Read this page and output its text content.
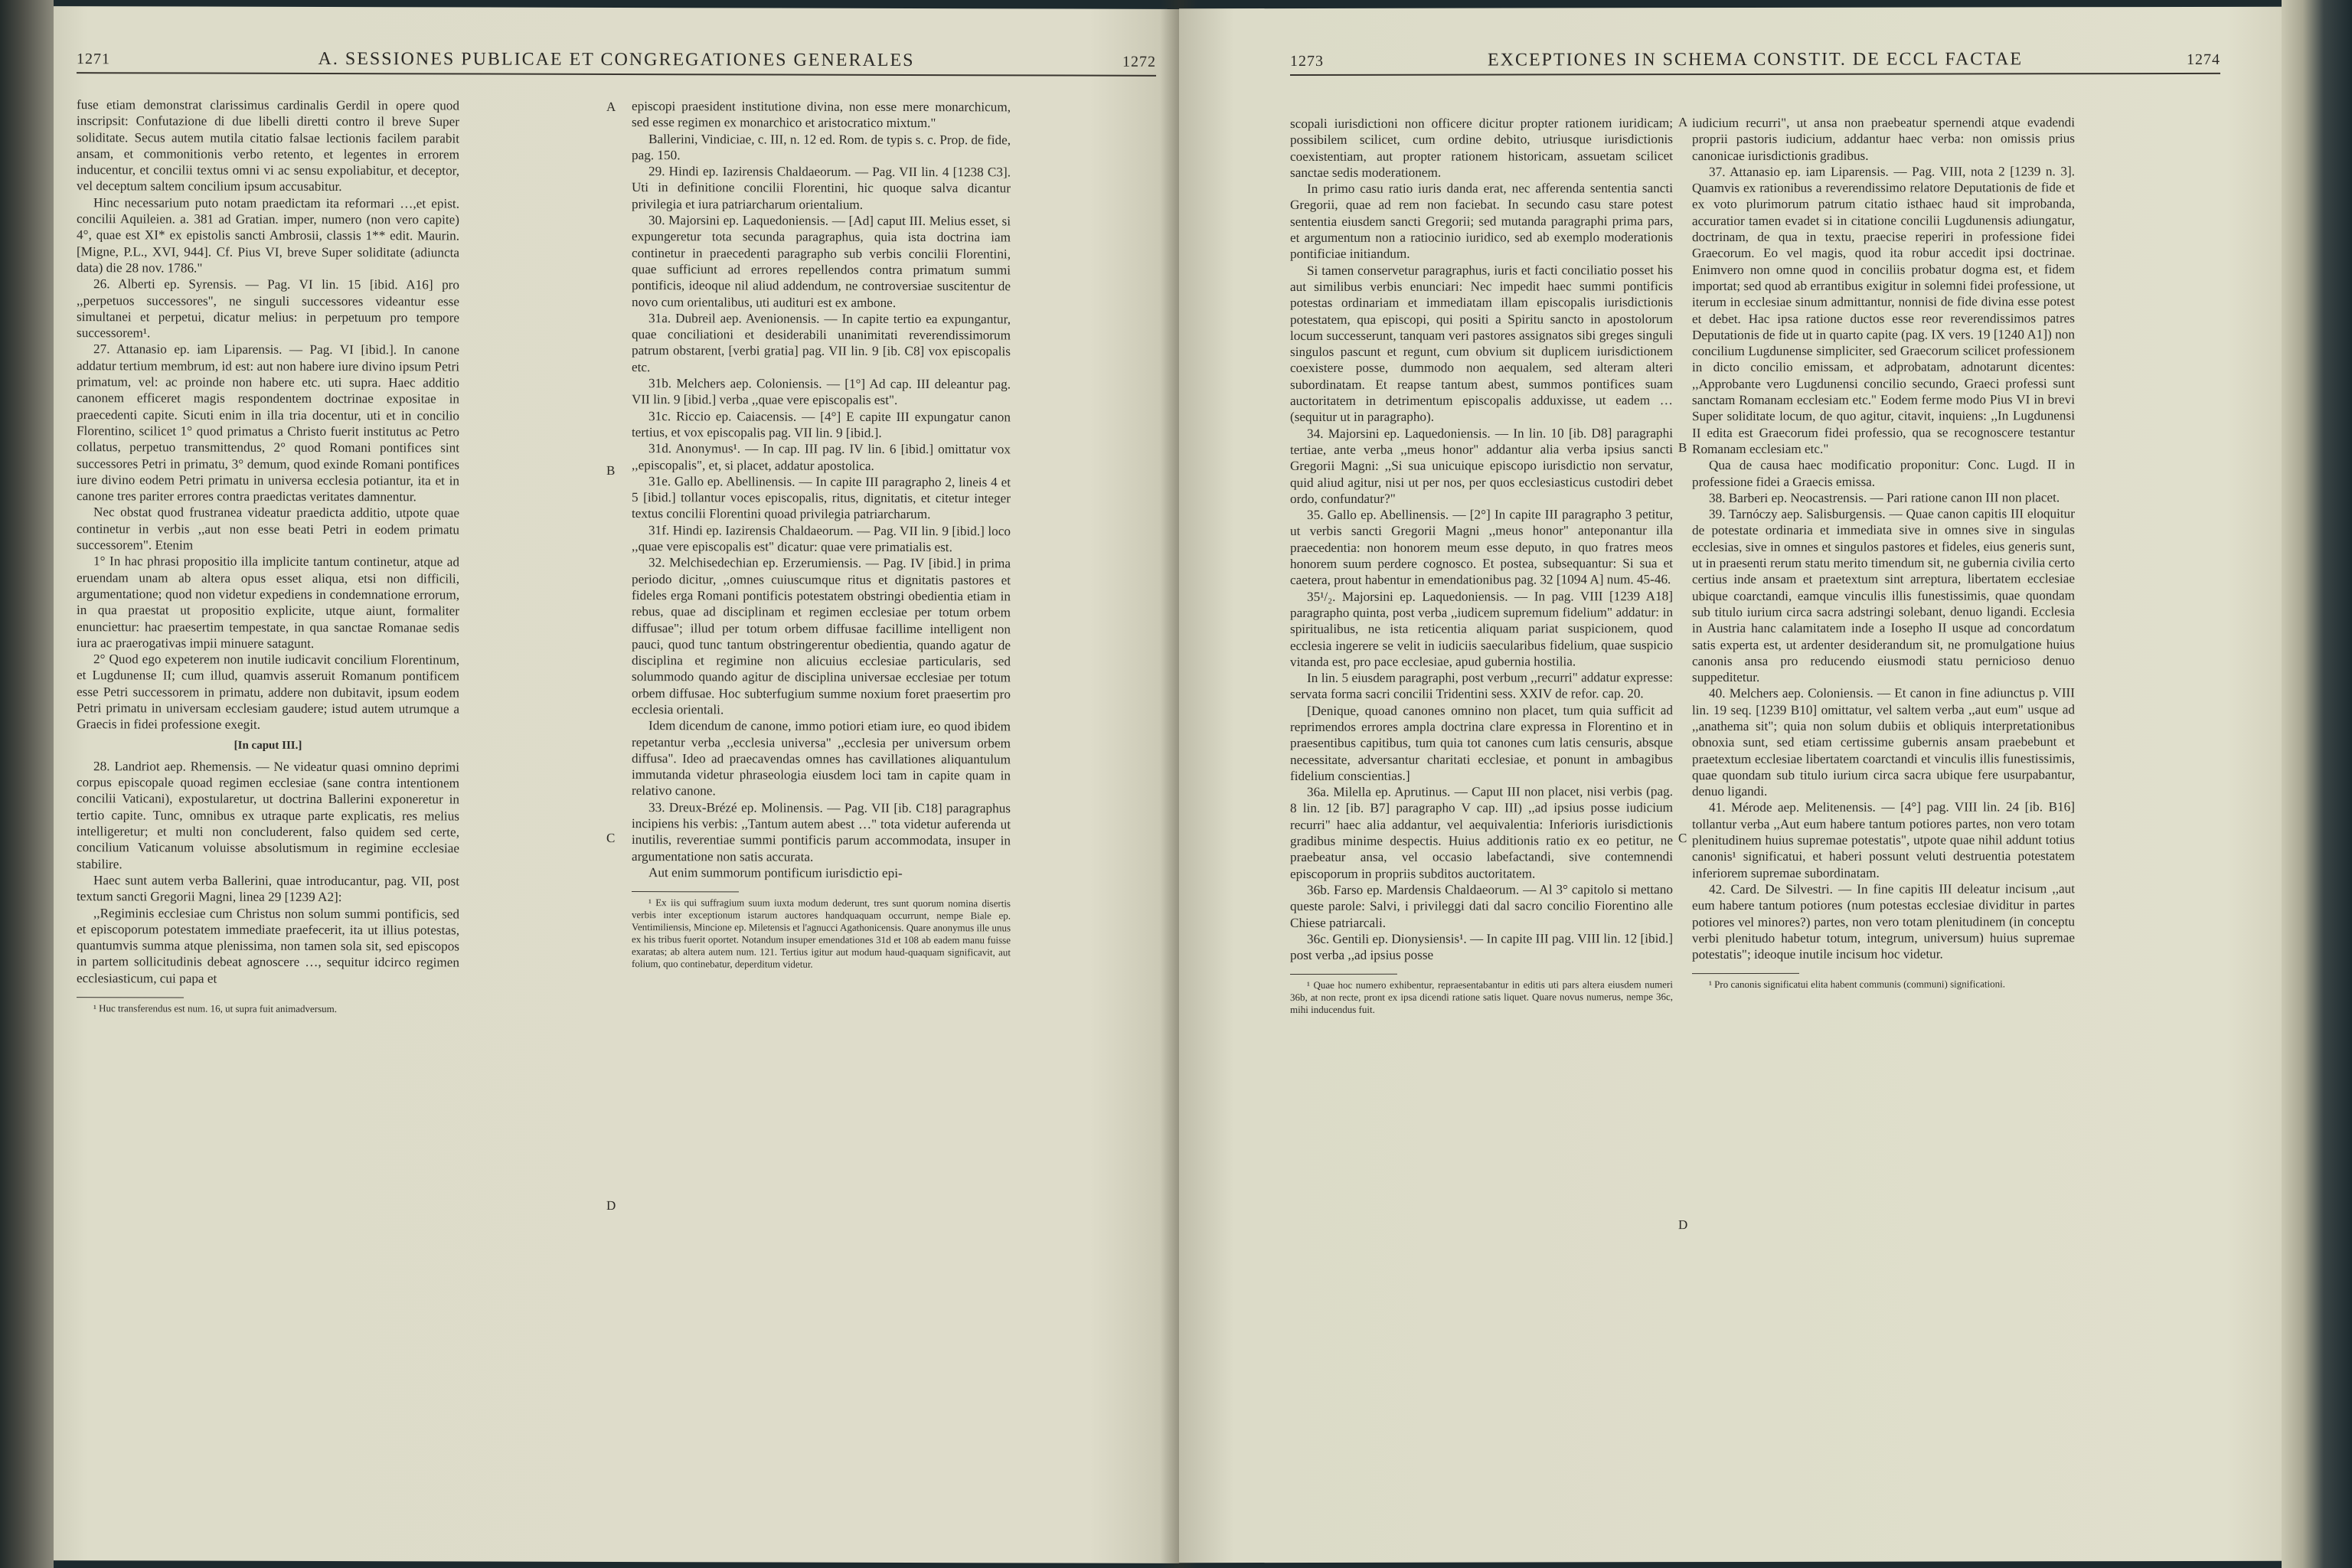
1271	A. SESSIONES PUBLICAE ET CONGREGATIONES GENERALES	1272

fuse etiam demonstrat clarissimus cardinalis Gerdil in opere quod inscripsit: Confutazione di due libelli diretti contro il breve Super soliditate. Secus autem mutila citatio falsae lectionis facilem parabit ansam, et commonitionis verbo retento, et legentes in errorem inducentur, et concilii textus omni vi ac sensu expoliabitur, et deceptor, vel deceptum saltem concilium ipsum accusabitur.

Hinc necessarium puto notam praedictam ita reformari …,et epist. concilii Aquileien. a. 381 ad Gratian. imper, numero (non vero capite) 4°, quae est XI* ex epistolis sancti Ambrosii, classis 1** edit. Maurin. [Migne, P.L., XVI, 944]. Cf. Pius VI, breve Super soliditate (adiuncta data) die 28 nov. 1786."

26. Alberti ep. Syrensis. — Pag. VI lin. 15 [ibid. A16] pro ,,perpetuos successores", ne singuli successores videantur esse simultanei et perpetui, dicatur melius: in perpetuum pro tempore successorem¹.

27. Attanasio ep. iam Liparensis. — Pag. VI [ibid.]. In canone addatur tertium membrum, id est: aut non habere iure divino ipsum Petri primatum, vel: ac proinde non habere etc. uti supra. Haec additio canonem efficeret magis respondentem doctrinae expositae in praecedenti capite. Sicuti enim in illa tria docentur, uti et in concilio Florentino, scilicet 1° quod primatus a Christo fuerit institutus ac Petro collatus, perpetuo transmittendus, 2° quod Romani pontifices sint successores Petri in primatu, 3° demum, quod exinde Romani pontifices iure divino eodem Petri primatu in universa ecclesia potiantur, ita et in canone tres pariter errores contra praedictas veritates damnentur.

Nec obstat quod frustranea videatur praedicta additio, utpote quae continetur in verbis ,,aut non esse beati Petri in eodem primatu successorem". Etenim

1° In hac phrasi propositio illa implicite tantum continetur, atque ad eruendam unam ab altera opus esset aliqua, etsi non difficili, argumentatione; quod non videtur expediens in condemnatione errorum, in qua praestat ut propositio explicite, utque aiunt, formaliter enunciettur: hac praesertim tempestate, in qua sanctae Romanae sedis iura ac praerogativas impii minuere satagunt.

2° Quod ego expeterem non inutile iudicavit concilium Florentinum, et Lugdunense II; cum illud, quamvis asseruit Romanum pontificem esse Petri successorem in primatu, addere non dubitavit, ipsum eodem Petri primatu in universam ecclesiam gaudere; istud autem utrumque a Graecis in fidei professione exegit.

[In caput III.]

28. Landriot aep. Rhemensis. — Ne videatur quasi omnino deprimi corpus episcopale quoad regimen ecclesiae (sane contra intentionem concilii Vaticani), expostularetur, ut doctrina Ballerini exponeretur in tertio capite. Tunc, omnibus ex utraque parte explicatis, res melius intelligeretur; et multi non concluderent, falso quidem sed certe, concilium Vaticanum voluisse absolutismum in regimine ecclesiae stabilire.

Haec sunt autem verba Ballerini, quae introducantur, pag. VII, post textum sancti Gregorii Magni, linea 29 [1239 A2]:

,,Regiminis ecclesiae cum Christus non solum summi pontificis, sed et episcoporum potestatem immediate praefecerit, ita ut illius potestas, quantumvis summa atque plenissima, non tamen sola sit, sed episcopos in partem sollicitudinis debeat agnoscere …, sequitur idcirco regimen ecclesiasticum, cui papa et

¹ Huc transferendus est num. 16, ut supra fuit animadversum.

A
B
C
D

episcopi praesident institutione divina, non esse mere monarchicum, sed esse regimen ex monarchico et aristocratico mixtum."

Ballerini, Vindiciae, c. III, n. 12 ed. Rom. de typis s. c. Prop. de fide, pag. 150.

29. Hindi ep. Iazirensis Chaldaeorum. — Pag. VII lin. 4 [1238 C3]. Uti in definitione concilii Florentini, hic quoque salva dicantur privilegia et iura patriarcharum orientalium.

30. Majorsini ep. Laquedoniensis. — [Ad] caput III. Melius esset, si expungeretur tota secunda paragraphus, quia ista doctrina iam continetur in praecedenti paragrapho sub verbis concilii Florentini, quae sufficiunt ad errores repellendos contra primatum summi pontificis, ideoque nil aliud addendum, ne controversiae suscitentur de novo cum orientalibus, uti audituri est ex ambone.

31a. Dubreil aep. Avenionensis. — In capite tertio ea expungantur, quae conciliationi et desiderabili unanimitati reverendissimorum patrum obstarent, [verbi gratia] pag. VII lin. 9 [ib. C8] vox episcopalis etc.

31b. Melchers aep. Coloniensis. — [1°] Ad cap. III deleantur pag. VII lin. 9 [ibid.] verba ,,quae vere episcopalis est".

31c. Riccio ep. Caiacensis. — [4°] E capite III expungatur canon tertius, et vox episcopalis pag. VII lin. 9 [ibid.].

31d. Anonymus¹. — In cap. III pag. IV lin. 6 [ibid.] omittatur vox ,,episcopalis", et, si placet, addatur apostolica.

31e. Gallo ep. Abellinensis. — In capite III paragrapho 2, lineis 4 et 5 [ibid.] tollantur voces episcopalis, ritus, dignitatis, et citetur integer textus concilii Florentini quoad privilegia patriarcharum.

31f. Hindi ep. Iazirensis Chaldaeorum. — Pag. VII lin. 9 [ibid.] loco ,,quae vere episcopalis est" dicatur: quae vere primatialis est.

32. Melchisedechian ep. Erzerumiensis. — Pag. IV [ibid.] in prima periodo dicitur, ,,omnes cuiuscumque ritus et dignitatis pastores et fideles erga Romani pontificis potestatem obstringi obedientia etiam in rebus, quae ad disciplinam et regimen ecclesiae per totum orbem diffusae"; illud per totum orbem diffusae facillime intelligent non pauci, quod tunc tantum obstringerentur obedientia, quando agatur de disciplina et regimine non alicuius ecclesiae particularis, sed solummodo quando agitur de disciplina universae ecclesiae per totum orbem diffusae. Hoc subterfugium summe noxium foret praesertim pro ecclesia orientali.

Idem dicendum de canone, immo potiori etiam iure, eo quod ibidem repetantur verba ,,ecclesia universa" ,,ecclesia per universum orbem diffusa". Ideo ad praecavendas omnes has cavillationes aliquantulum immutanda videtur phraseologia eiusdem loci tam in capite quam in relativo canone.

33. Dreux-Brézé ep. Molinensis. — Pag. VII [ib. C18] paragraphus incipiens his verbis: ,,Tantum autem abest …" tota videtur auferenda ut inutilis, reverentiae summi pontificis parum accommodata, insuper in argumentatione non satis accurata.

Aut enim summorum pontificum iurisdictio epi-

¹ Ex iis qui suffragium suum iuxta modum dederunt, tres sunt quorum nomina disertis verbis inter exceptionum istarum auctores handquaquam occurrunt, nempe Biale ep. Ventimiliensis, Mincione ep. Miletensis et l'agnucci Agathonicensis. Quare anonymus ille unus ex his tribus fuerit oportet. Notandum insuper emendationes 31d et 108 ab eadem manu fuisse exaratas; ab altera autem num. 121. Tertius igitur aut modum haud-quaquam significavit, aut folium, quo continebatur, deperditum videtur.

1273	EXCEPTIONES IN SCHEMA CONSTIT. DE ECCL FACTAE	1274

scopali iurisdictioni non officere dicitur propter rationem iuridicam; possibilem scilicet, cum ordine debito, utriusque iurisdictionis coexistentiam, aut propter rationem historicam, assuetam scilicet sanctae sedis moderationem.

In primo casu ratio iuris danda erat, nec afferenda sententia sancti Gregorii, quae ad rem non faciebat. In secundo casu stare potest sententia eiusdem sancti Gregorii; sed mutanda paragraphi prima pars, et argumentum non a ratiocinio iuridico, sed ab exemplo moderationis pontificiae initiandum.

Si tamen conservetur paragraphus, iuris et facti conciliatio posset his aut similibus verbis enunciari: Nec impedit haec summi pontificis potestas ordinariam et immediatam illam episcopalis iurisdictionis potestatem, qua episcopi, qui positi a Spiritu sancto in apostolorum locum successerunt, tanquam veri pastores assignatos sibi greges singuli singulos pascunt et regunt, cum obvium sit duplicem iurisdictionem coexistere posse, dummodo non aequalem, sed alteram alteri subordinatam. Et reapse tantum abest, summos pontifices suam auctoritatem in detrimentum episcopalis adduxisse, ut eadem … (sequitur ut in paragrapho).

34. Majorsini ep. Laquedoniensis. — In lin. 10 [ib. D8] paragraphi tertiae, ante verba ,,meus honor" addantur alia verba ipsius sancti Gregorii Magni: ,,Si sua unicuique episcopo iurisdictio non servatur, quid aliud agitur, nisi ut per nos, per quos ecclesiasticus custodiri debet ordo, confundatur?"

35. Gallo ep. Abellinensis. — [2°] In capite III paragrapho 3 petitur, ut verbis sancti Gregorii Magni ,,meus honor" anteponantur illa praecedentia: non honorem meum esse deputo, in quo fratres meos honorem suum perdere cognosco. Et postea, subsequantur: Si sua et caetera, prout habentur in emendationibus pag. 32 [1094 A] num. 45-46.

35¹/₂. Majorsini ep. Laquedoniensis. — In pag. VIII [1239 A18] paragrapho quinta, post verba ,,iudicem supremum fidelium" addatur: in spiritualibus, ne ista reticentia aliquam pariat suspicionem, quod ecclesia ingerere se velit in iudiciis saecularibus fidelium, quae suspicio vitanda est, pro pace ecclesiae, apud gubernia hostilia.

In lin. 5 eiusdem paragraphi, post verbum ,,recurri" addatur expresse: servata forma sacri concilii Tridentini sess. XXIV de refor. cap. 20.

[Denique, quoad canones omnino non placet, tum quia sufficit ad reprimendos errores ampla doctrina clare expressa in Florentino et in praesentibus capitibus, tum quia tot canones cum latis censuris, absque necessitate, adversantur charitati ecclesiae, et ponunt in ambagibus fidelium conscientias.]

36a. Milella ep. Aprutinus. — Caput III non placet, nisi verbis (pag. 8 lin. 12 [ib. B7] paragrapho V cap. III) ,,ad ipsius posse iudicium recurri" haec alia addantur, vel aequivalentia: Inferioris iurisdictionis gradibus minime despectis. Huius additionis ratio ex eo petitur, ne praebeatur ansa, vel occasio labefactandi, sive contemnendi episcoporum in propriis subditos auctoritatem.

36b. Farso ep. Mardensis Chaldaeorum. — Al 3° capitolo si mettano queste parole: Salvi, i privileggi dati dal sacro concilio Fiorentino alle Chiese patriarcali.

36c. Gentili ep. Dionysiensis¹. — In capite III pag. VIII lin. 12 [ibid.] post verba ,,ad ipsius posse

¹ Quae hoc numero exhibentur, repraesentabantur in editis uti pars altera eiusdem numeri 36b, at non recte, pront ex ipsa dicendi ratione satis liquet. Quare novus numerus, nempe 36c, mihi inducendus fuit.

A
B
C
D

iudicium recurri", ut ansa non praebeatur spernendi atque evadendi proprii pastoris iudicium, addantur haec verba: non omissis prius canonicae iurisdictionis gradibus.

37. Attanasio ep. iam Liparensis. — Pag. VIII, nota 2 [1239 n. 3]. Quamvis ex rationibus a reverendissimo relatore Deputationis de fide et ex voto plurimorum patrum citatio isthaec haud sit improbanda, accuratior tamen evadet si in citatione concilii Lugdunensis adiungatur, doctrinam, de qua in textu, praecise reperiri in professione fidei Graecorum. Eo vel magis, quod ita robur accedit ipsi doctrinae. Enimvero non omne quod in conciliis probatur dogma est, et fidem importat; sed quod ab errantibus exigitur in solemni fidei professione, ut iterum in ecclesiae sinum admittantur, nonnisi de fide divina esse potest et debet. Hac ipsa ratione ductos esse reor reverendissimos patres Deputationis de fide ut in quarto capite (pag. IX vers. 19 [1240 A1]) non concilium Lugdunense simpliciter, sed Graecorum scilicet professionem in dicto concilio emissam, et adprobatam, adnotarunt dicentes: ,,Approbante vero Lugdunensi concilio secundo, Graeci professi sunt sanctam Romanam ecclesiam etc." Eodem ferme modo Pius VI in brevi Super soliditate locum, de quo agitur, citavit, inquiens: ,,In Lugdunensi II edita est Graecorum fidei professio, qua se recognoscere testantur Romanam ecclesiam etc."

Qua de causa haec modificatio proponitur: Conc. Lugd. II in professione fidei a Graecis emissa.

38. Barberi ep. Neocastrensis. — Pari ratione canon III non placet.

39. Tarnóczy aep. Salisburgensis. — Quae canon capitis III eloquitur de potestate ordinaria et immediata sive in omnes sive in singulas ecclesias, sive in omnes et singulos pastores et fideles, eius generis sunt, ut in praesenti rerum statu merito timendum sit, ne gubernia civilia certo certius inde ansam et praetextum sint arreptura, libertatem ecclesiae ubique coarctandi, eamque vinculis illis funestissimis, quae quondam sub titulo iurium circa sacra adstringi solebant, denuo ligandi. Ecclesia in Austria hanc calamitatem inde a Iosepho II usque ad concordatum satis experta est, ut ardenter desiderandum sit, ne promulgatione huius canonis ansa pro reducendo eiusmodi statu pernicioso denuo suppeditetur.

40. Melchers aep. Coloniensis. — Et canon in fine adiunctus p. VIII lin. 19 seq. [1239 B10] omittatur, vel saltem verba ,,aut eum" usque ad ,,anathema sit"; quia non solum dubiis et obliquis interpretationibus obnoxia sunt, sed etiam certissime gubernis ansam praebebunt et praetextum ecclesiae libertatem coarctandi et vinculis illis funestissimis, quae quondam sub titulo iurium circa sacra ubique fere usurpabantur, denuo ligandi.

41. Mérode aep. Melitenensis. — [4°] pag. VIII lin. 24 [ib. B16] tollantur verba ,,Aut eum habere tantum potiores partes, non vero totam plenitudinem huius supremae potestatis", utpote quae nihil addunt totius canonis¹ significatui, et haberi possunt veluti destruentia potestatem inferiorem supremae subordinatam.

42. Card. De Silvestri. — In fine capitis III deleatur incisum ,,aut eum habere tantum potiores (num potestas ecclesiae dividitur in partes potiores vel minores?) partes, non vero totam plenitudinem (in conceptu verbi plenitudo habetur totum, integrum, universum) huius supremae potestatis"; ideoque inutile incisum hoc videtur.

¹ Pro canonis significatui elita habent communis (communi) significationi.
